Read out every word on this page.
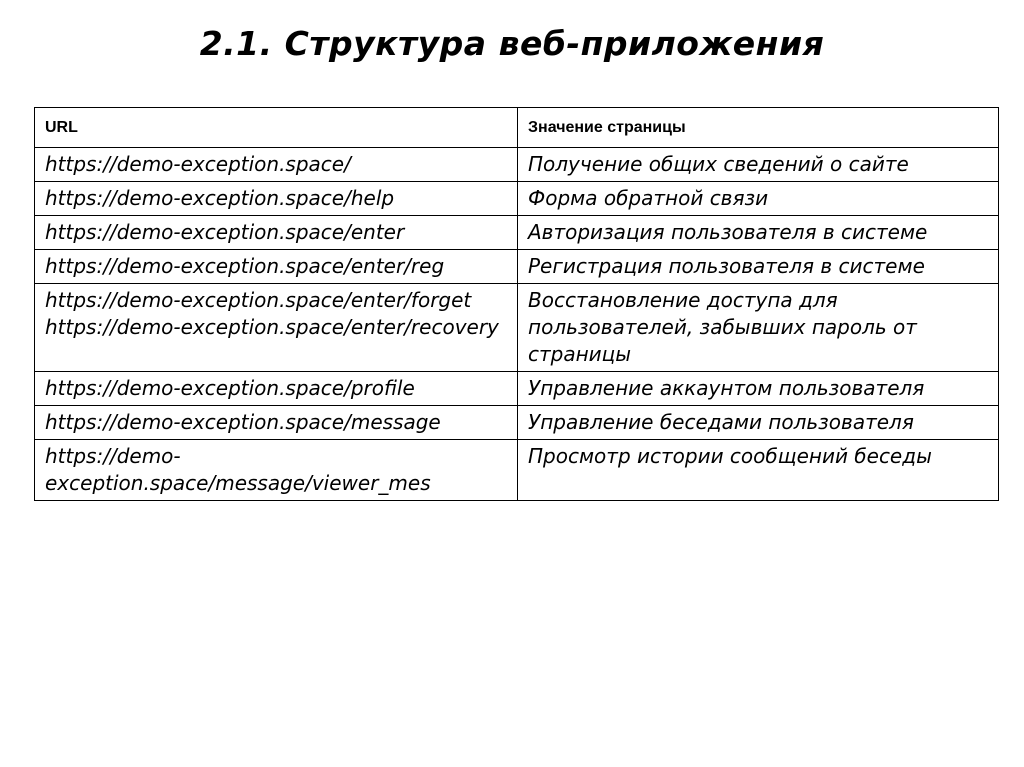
2.1. Структура веб-приложения
URL	Значение страницы

https://demo-exception.space/	Получение общих сведений о сайте

https://demo-exception.space/help	Форма обратной связи

https://demo-exception.space/enter	Авторизация пользователя в системе

https://demo-exception.space/enter/reg	Регистрация пользователя в системе

https://demo-exception.space/enter/forget
https://demo-exception.space/enter/recovery	Восстановление доступа для пользователей, забывших пароль от страницы

https://demo-exception.space/profile	Управление аккаунтом пользователя

https://demo-exception.space/message	Управление беседами пользователя

https://demo-exception.space/message/viewer_mes	Просмотр истории сообщений беседы
